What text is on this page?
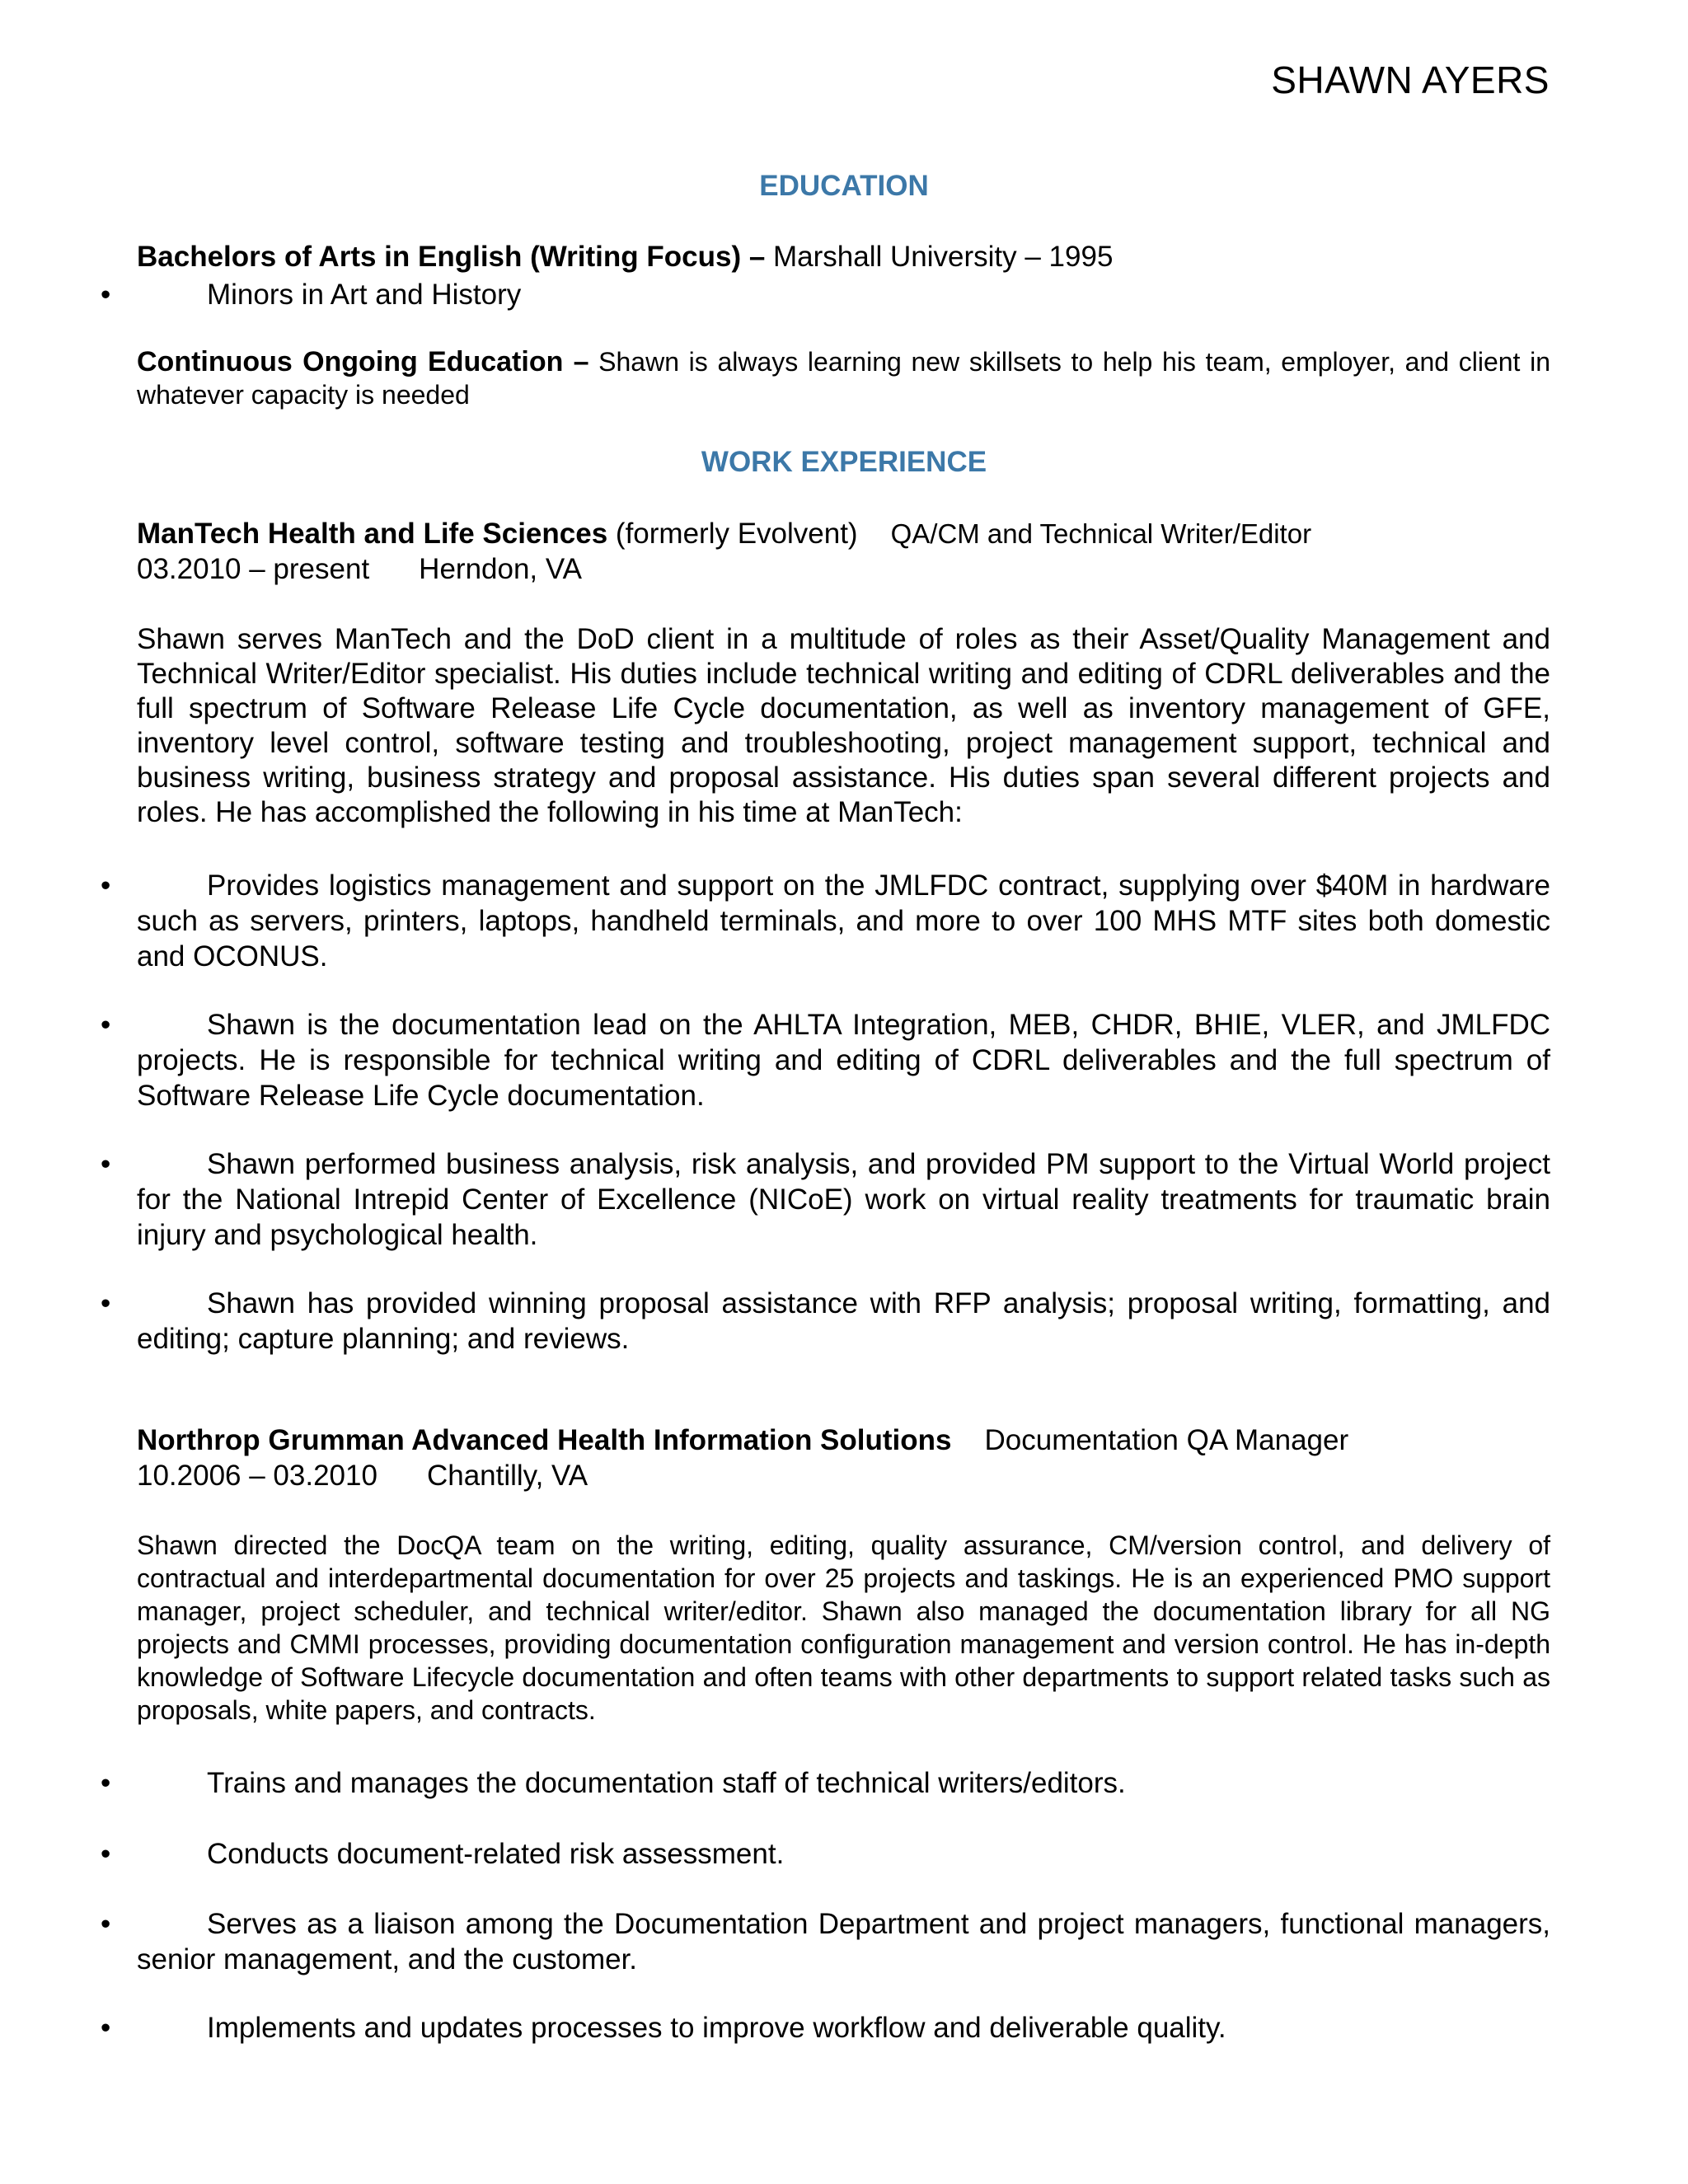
SHAWN AYERS
EDUCATION
Bachelors of Arts in English (Writing Focus) – Marshall University – 1995
•	Minors in Art and History
Continuous Ongoing Education – Shawn is always learning new skillsets to help his team, employer, and client in whatever capacity is needed
WORK EXPERIENCE
ManTech Health and Life Sciences (formerly Evolvent) QA/CM and Technical Writer/Editor
03.2010 – present Herndon, VA

Shawn serves ManTech and the DoD client in a multitude of roles as their Asset/Quality Management and Technical Writer/Editor specialist. His duties include technical writing and editing of CDRL deliverables and the full spectrum of Software Release Life Cycle documentation, as well as inventory management of GFE, inventory level control, software testing and troubleshooting, project management support, technical and business writing, business strategy and proposal assistance. His duties span several different projects and roles. He has accomplished the following in his time at ManTech:

•	Provides logistics management and support on the JMLFDC contract, supplying over $40M in hardware such as servers, printers, laptops, handheld terminals, and more to over 100 MHS MTF sites both domestic and OCONUS.
•	Shawn is the documentation lead on the AHLTA Integration, MEB, CHDR, BHIE, VLER, and JMLFDC projects. He is responsible for technical writing and editing of CDRL deliverables and the full spectrum of Software Release Life Cycle documentation.
•	Shawn performed business analysis, risk analysis, and provided PM support to the Virtual World project for the National Intrepid Center of Excellence (NICoE) work on virtual reality treatments for traumatic brain injury and psychological health.
•	Shawn has provided winning proposal assistance with RFP analysis; proposal writing, formatting, and editing; capture planning; and reviews.
Northrop Grumman Advanced Health Information Solutions Documentation QA Manager
10.2006 – 03.2010 Chantilly, VA

Shawn directed the DocQA team on the writing, editing, quality assurance, CM/version control, and delivery of contractual and interdepartmental documentation for over 25 projects and taskings. He is an experienced PMO support manager, project scheduler, and technical writer/editor. Shawn also managed the documentation library for all NG projects and CMMI processes, providing documentation configuration management and version control. He has in-depth knowledge of Software Lifecycle documentation and often teams with other departments to support related tasks such as proposals, white papers, and contracts.

•	Trains and manages the documentation staff of technical writers/editors.
•	Conducts document-related risk assessment.
•	Serves as a liaison among the Documentation Department and project managers, functional managers, senior management, and the customer.
•	Implements and updates processes to improve workflow and deliverable quality.
